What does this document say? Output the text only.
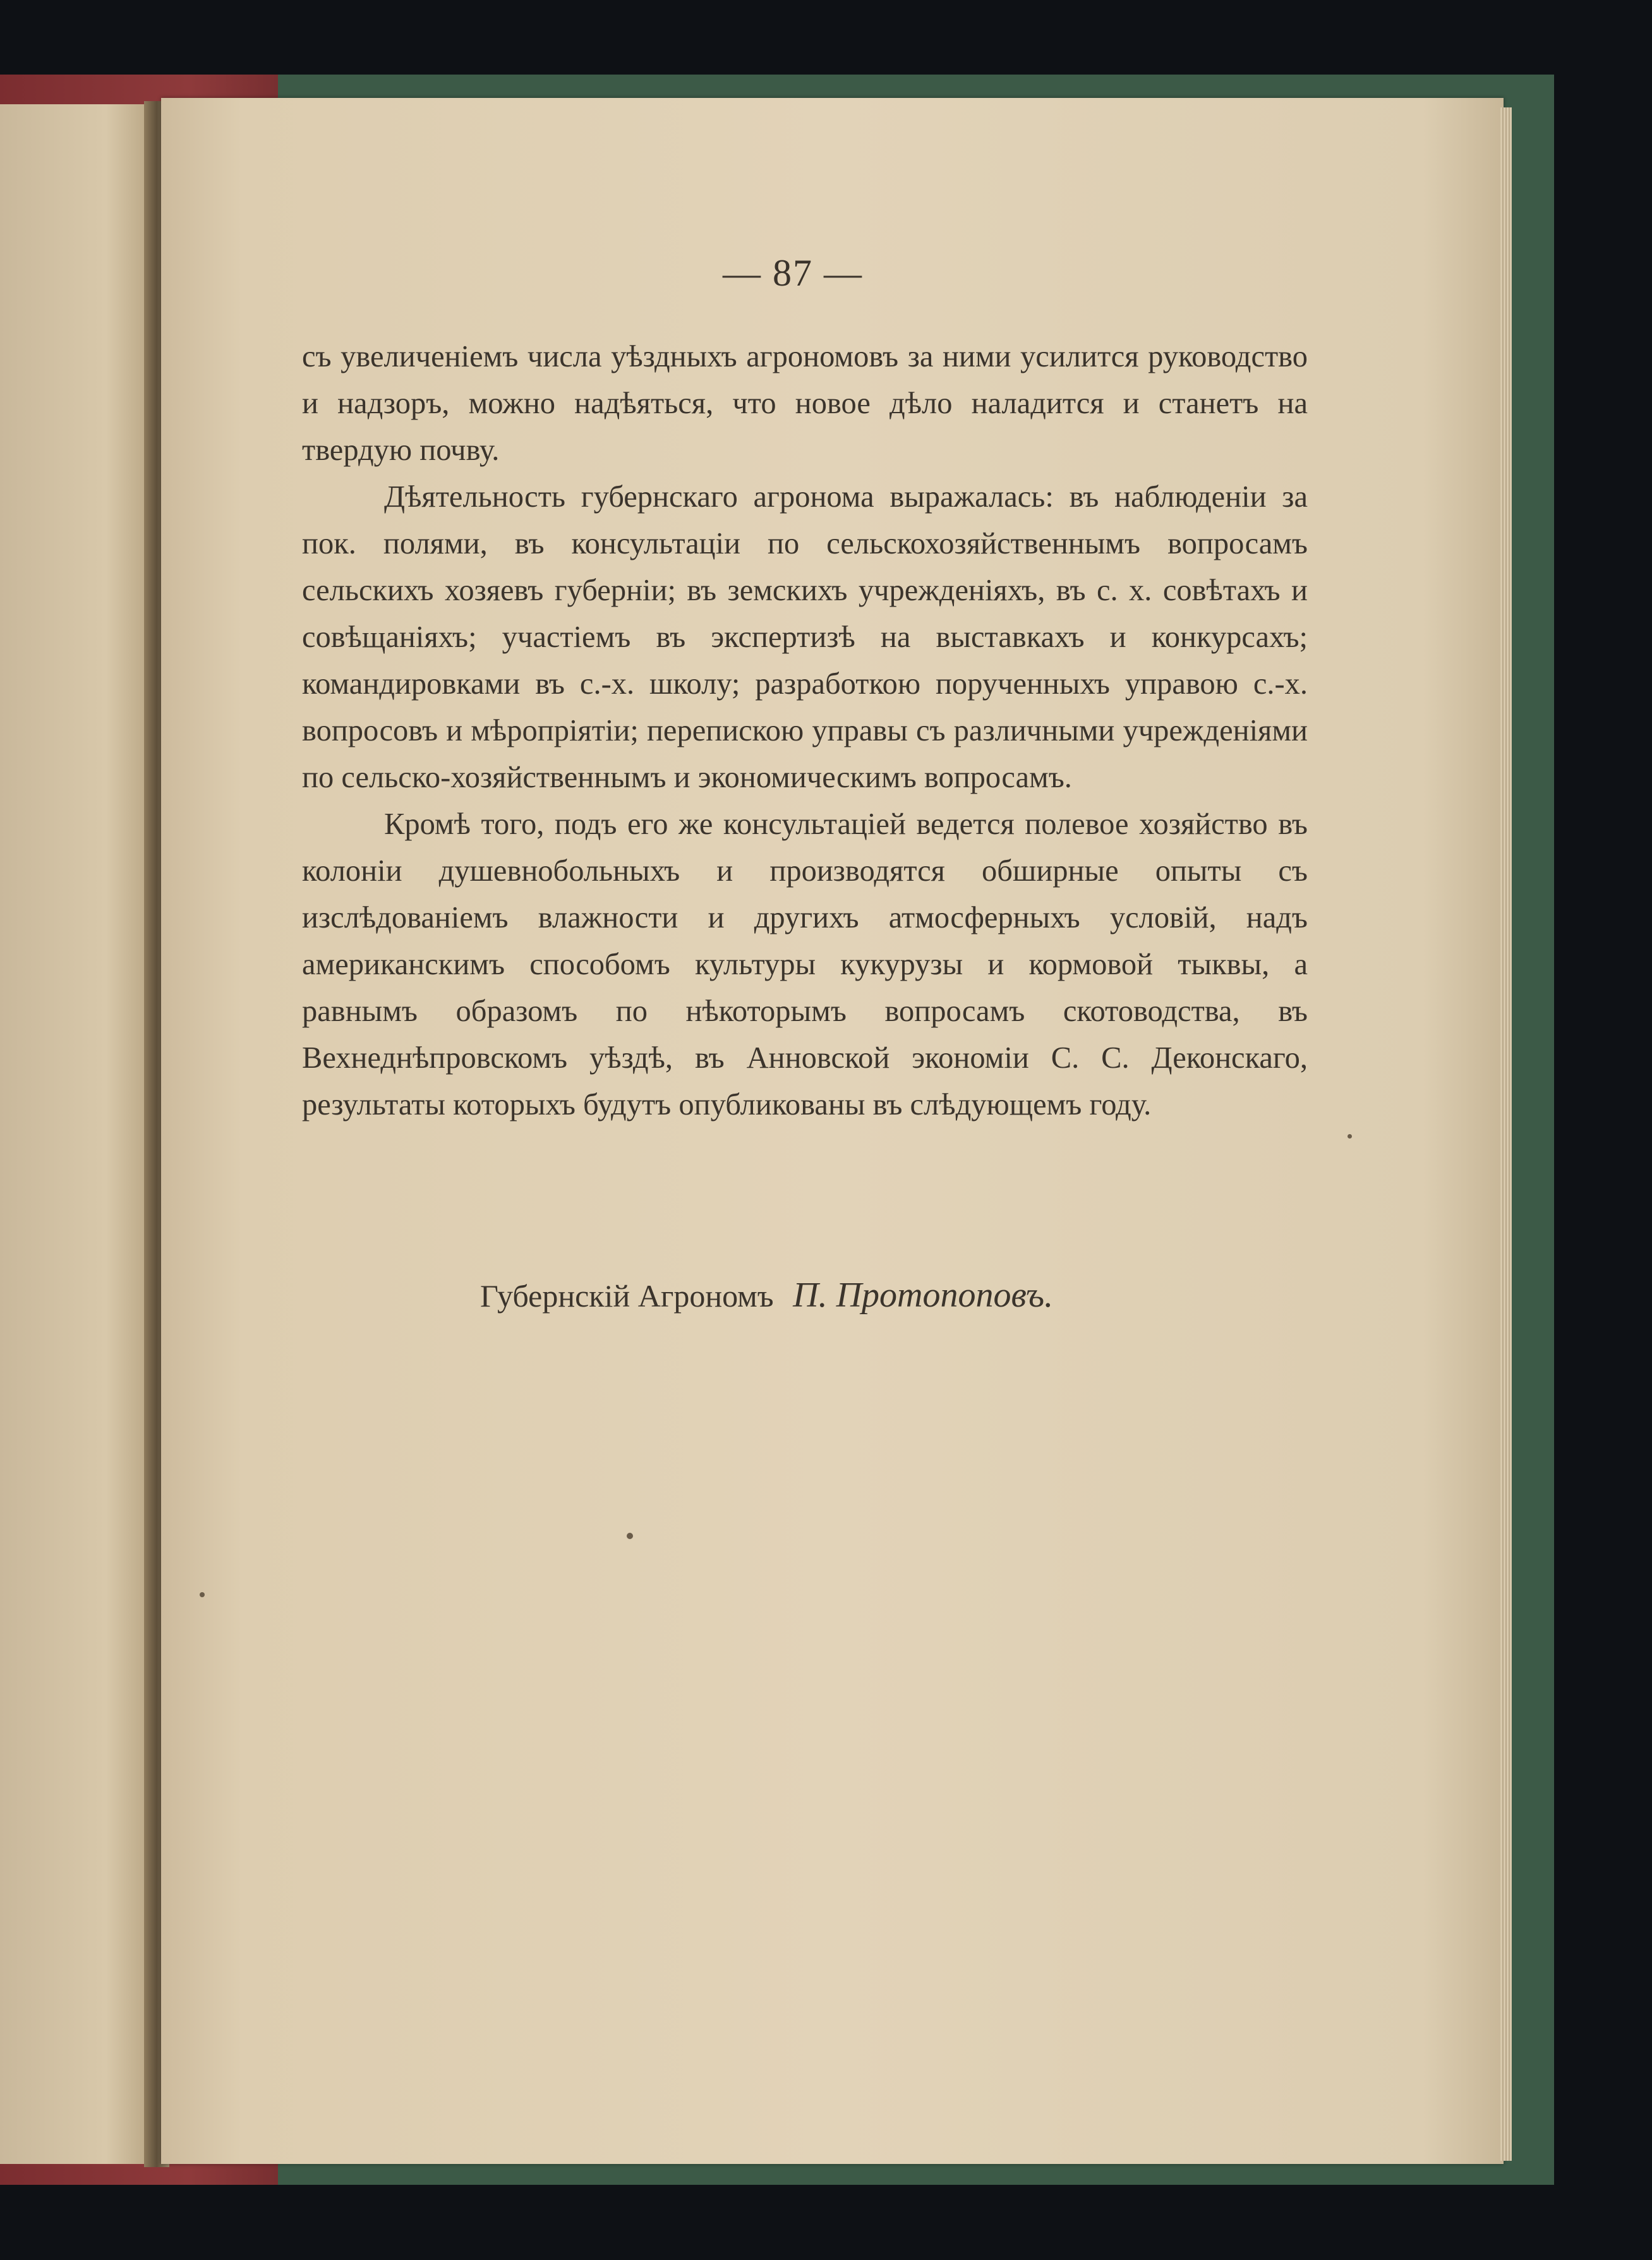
— 87 —

съ увеличеніемъ числа уѣздныхъ агрономовъ за ними усилится руководство и надзоръ, можно надѣяться, что новое дѣло наладится и станетъ на твердую почву.

Дѣятельность губернскаго агронома выражалась: въ наблюденіи за пок. полями, въ консультаціи по сельскохозяйственнымъ вопросамъ сельскихъ хозяевъ губерніи; въ земскихъ учрежденіяхъ, въ с. х. совѣтахъ и совѣщаніяхъ; участіемъ въ экспертизѣ на выставкахъ и конкурсахъ; командировками въ с.-х. школу; разработкою порученныхъ управою с.-х. вопросовъ и мѣропріятіи; перепискою управы съ различными учрежденіями по сельско-хозяйственнымъ и экономическимъ вопросамъ.

Кромѣ того, подъ его же консультаціей ведется полевое хозяйство въ колоніи душевнобольныхъ и производятся обширные опыты съ изслѣдованіемъ влажности и другихъ атмосферныхъ условій, надъ американскимъ способомъ культуры кукурузы и кормовой тыквы, а равнымъ образомъ по нѣкоторымъ вопросамъ скотоводства, въ Вехнеднѣпровскомъ уѣздѣ, въ Анновской экономіи С. С. Деконскаго, результаты которыхъ будутъ опубликованы въ слѣдующемъ году.

Губернскій Агрономъ П. Протопоповъ.
